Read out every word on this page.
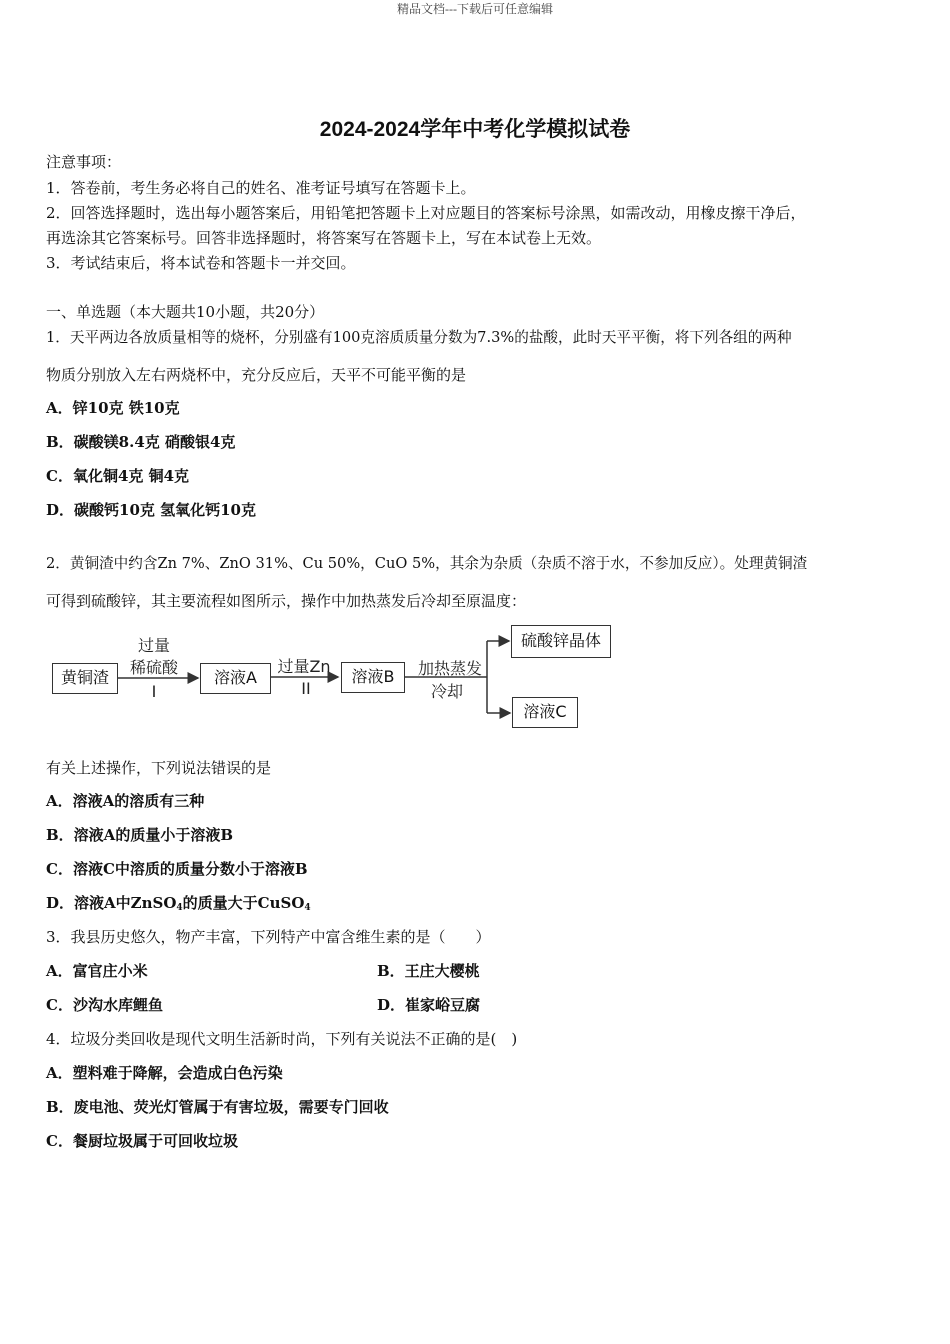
精品文档---下载后可任意编辑
2024-2024学年中考化学模拟试卷
注意事项：
1．答卷前，考生务必将自己的姓名、准考证号填写在答题卡上。
2．回答选择题时，选出每小题答案后，用铅笔把答题卡上对应题目的答案标号涂黑，如需改动，用橡皮擦干净后，
再选涂其它答案标号。回答非选择题时，将答案写在答题卡上，写在本试卷上无效。
3．考试结束后，将本试卷和答题卡一并交回。
一、单选题（本大题共10小题，共20分）
1．天平两边各放质量相等的烧杯，分别盛有100克溶质质量分数为7.3%的盐酸，此时天平平衡，将下列各组的两种
物质分别放入左右两烧杯中，充分反应后，天平不可能平衡的是
A．锌10克 铁10克
B．碳酸镁8.4克 硝酸银4克
C．氧化铜4克 铜4克
D．碳酸钙10克 氢氧化钙10克
2．黄铜渣中约含Zn 7%、ZnO 31%、Cu 50%，CuO 5%，其余为杂质（杂质不溶于水，不参加反应）。处理黄铜渣
可得到硫酸锌，其主要流程如图所示，操作中加热蒸发后冷却至原温度：
黄铜渣
过量
稀硫酸
I
溶液A
过量Zn
II
溶液B	加热蒸发
冷却
硫酸锌晶体
溶液C
有关上述操作，下列说法错误的是
A．溶液A的溶质有三种
B．溶液A的质量小于溶液B
C．溶液C中溶质的质量分数小于溶液B
D．溶液A中ZnSO$_4$的质量大于CuSO$_4$
3．我县历史悠久，物产丰富，下列特产中富含维生素的是（　　）
A．富官庄小米	B．王庄大樱桃
C．沙沟水库鲤鱼	D．崔家峪豆腐
4．垃圾分类回收是现代文明生活新时尚，下列有关说法不正确的是(　)
A．塑料难于降解，会造成白色污染
B．废电池、荧光灯管属于有害垃圾，需要专门回收
C．餐厨垃圾属于可回收垃圾
